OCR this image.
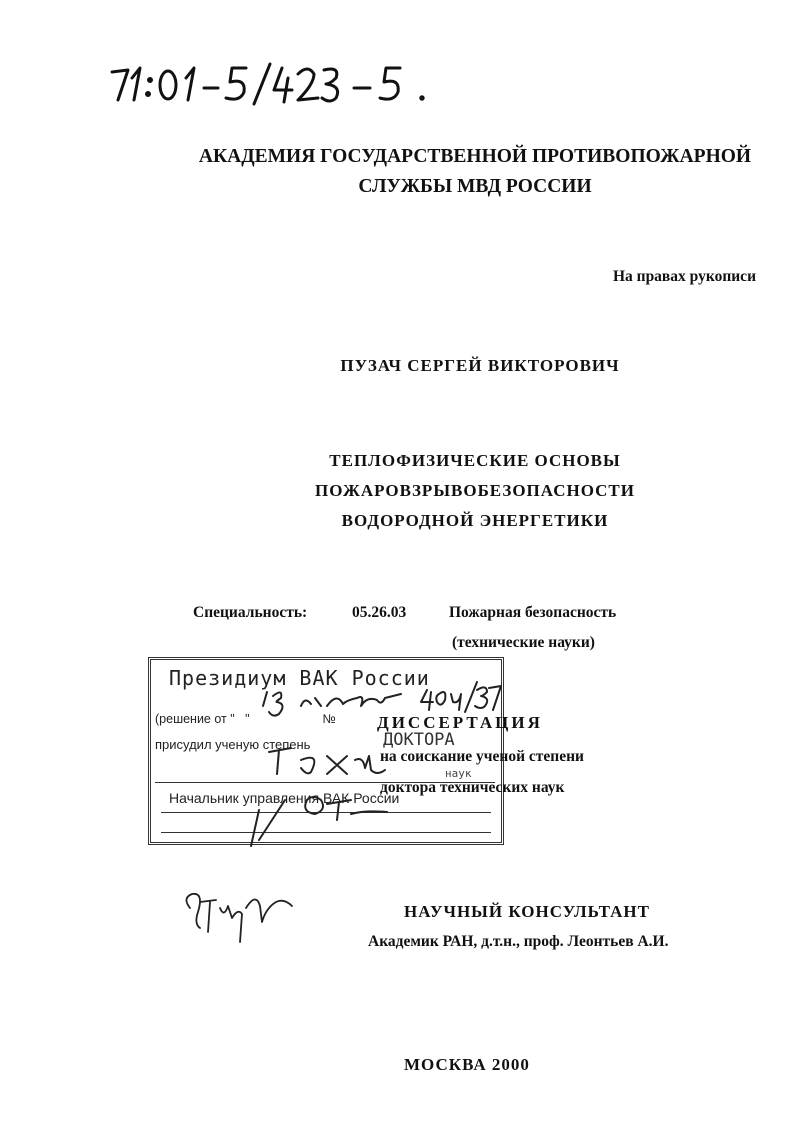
АКАДЕМИЯ ГОСУДАРСТВЕННОЙ ПРОТИВОПОЖАРНОЙ
СЛУЖБЫ МВД РОССИИ
На правах рукописи
ПУЗАЧ СЕРГЕЙ ВИКТОРОВИЧ
ТЕПЛОФИЗИЧЕСКИЕ ОСНОВЫ
ПОЖАРОВЗРЫВОБЕЗОПАСНОСТИ
ВОДОРОДНОЙ ЭНЕРГЕТИКИ
Специальность:	05.26.03	Пожарная безопасность
(технические науки)
Президиум ВАК России
(решение от "   "                     №
присудил ученую степень	ДОКТОРА
наук
Начальник управления ВАК России
ДИССЕРТАЦИЯ
на соискание ученой степени
доктора технических наук
НАУЧНЫЙ КОНСУЛЬТАНТ
Академик РАН, д.т.н., проф. Леонтьев А.И.
МОСКВА 2000
